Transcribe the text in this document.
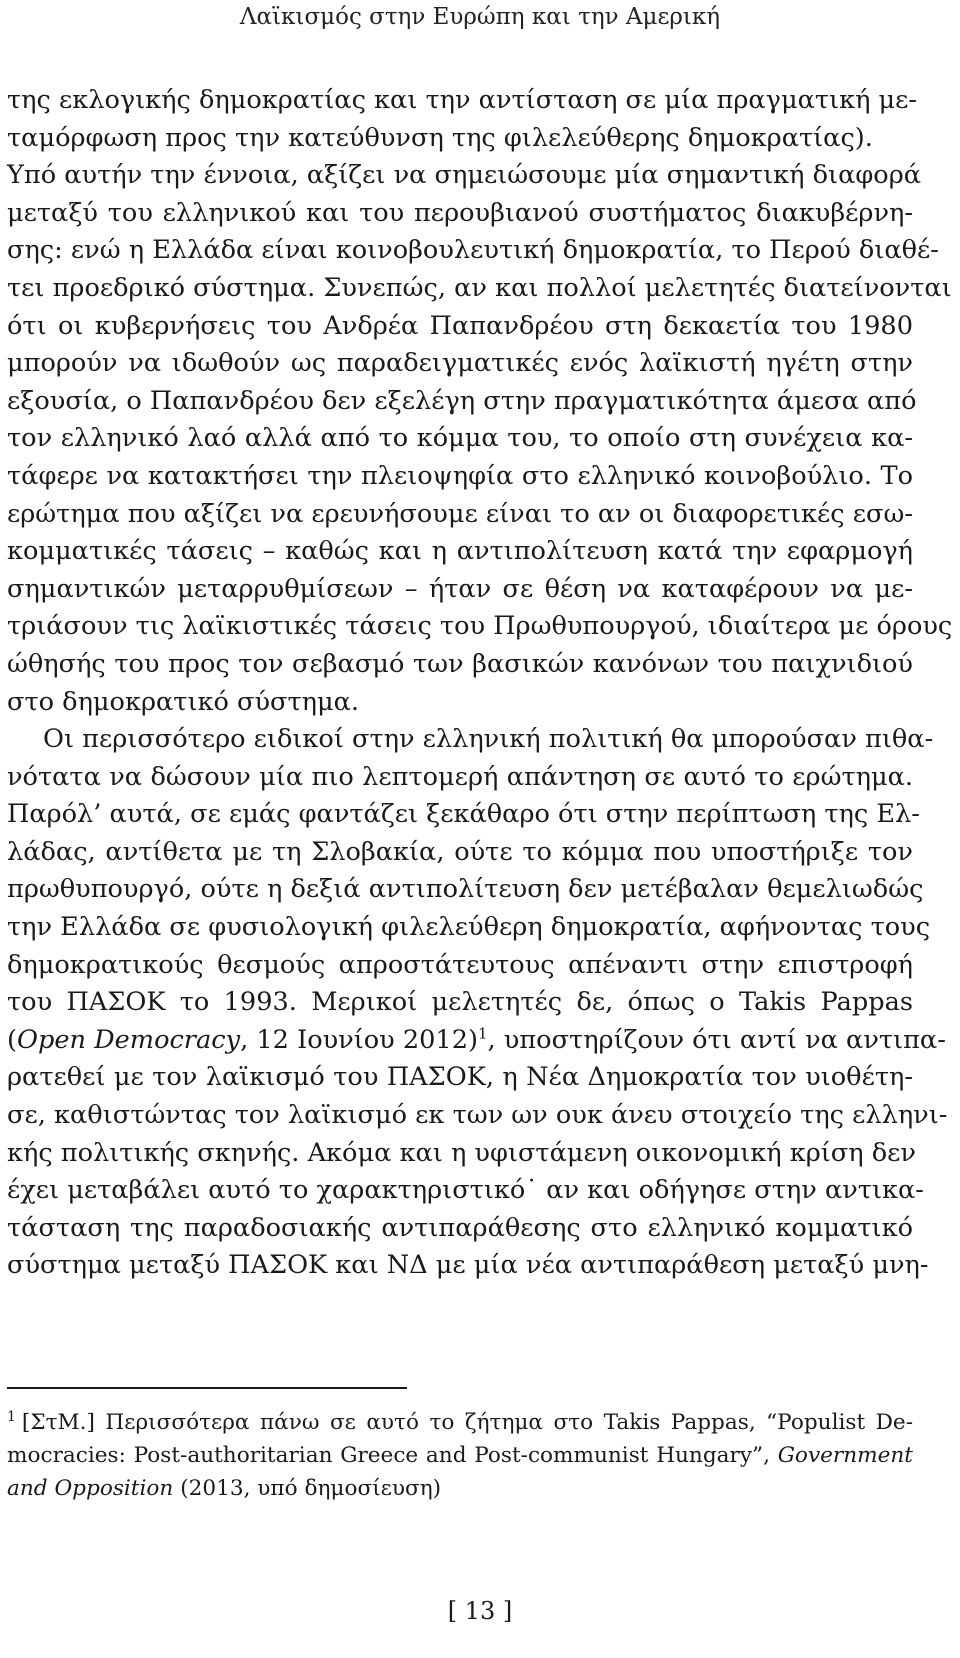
Λαϊκισμός στην Ευρώπη και την Αμερική
της εκλογικής δημοκρατίας και την αντίσταση σε μία πραγματική με-
ταμόρφωση προς την κατεύθυνση της φιλελεύθερης δημοκρατίας).
Υπό αυτήν την έννοια, αξίζει να σημειώσουμε μία σημαντική διαφορά
μεταξύ του ελληνικού και του περουβιανού συστήματος διακυβέρνη-
σης: ενώ η Ελλάδα είναι κοινοβουλευτική δημοκρατία, το Περού διαθέ-
τει προεδρικό σύστημα. Συνεπώς, αν και πολλοί μελετητές διατείνονται
ότι οι κυβερνήσεις του Ανδρέα Παπανδρέου στη δεκαετία του 1980
μπορούν να ιδωθούν ως παραδειγματικές ενός λαϊκιστή ηγέτη στην
εξουσία, ο Παπανδρέου δεν εξελέγη στην πραγματικότητα άμεσα από
τον ελληνικό λαό αλλά από το κόμμα του, το οποίο στη συνέχεια κα-
τάφερε να κατακτήσει την πλειοψηφία στο ελληνικό κοινοβούλιο. Το
ερώτημα που αξίζει να ερευνήσουμε είναι το αν οι διαφορετικές εσω-
κομματικές τάσεις – καθώς και η αντιπολίτευση κατά την εφαρμογή
σημαντικών μεταρρυθμίσεων – ήταν σε θέση να καταφέρουν να με-
τριάσουν τις λαϊκιστικές τάσεις του Πρωθυπουργού, ιδιαίτερα με όρους
ώθησής του προς τον σεβασμό των βασικών κανόνων του παιχνιδιού
στο δημοκρατικό σύστημα.
Οι περισσότερο ειδικοί στην ελληνική πολιτική θα μπορούσαν πιθα-
νότατα να δώσουν μία πιο λεπτομερή απάντηση σε αυτό το ερώτημα.
Παρόλ’ αυτά, σε εμάς φαντάζει ξεκάθαρο ότι στην περίπτωση της Ελ-
λάδας, αντίθετα με τη Σλοβακία, ούτε το κόμμα που υποστήριξε τον
πρωθυπουργό, ούτε η δεξιά αντιπολίτευση δεν μετέβαλαν θεμελιωδώς
την Ελλάδα σε φυσιολογική φιλελεύθερη δημοκρατία, αφήνοντας τους
δημοκρατικούς θεσμούς απροστάτευτους απέναντι στην επιστροφή
του ΠΑΣΟΚ το 1993. Μερικοί μελετητές δε, όπως ο Takis Pappas
(Open Democracy, 12 Ιουνίου 2012)$^1$, υποστηρίζουν ότι αντί να αντιπα-
ρατεθεί με τον λαϊκισμό του ΠΑΣΟΚ, η Νέα Δημοκρατία τον υιοθέτη-
σε, καθιστώντας τον λαϊκισμό εκ των ων ουκ άνευ στοιχείο της ελληνι-
κής πολιτικής σκηνής. Ακόμα και η υφιστάμενη οικονομική κρίση δεν
έχει μεταβάλει αυτό το χαρακτηριστικό˙ αν και οδήγησε στην αντικα-
τάσταση της παραδοσιακής αντιπαράθεσης στο ελληνικό κομματικό
σύστημα μεταξύ ΠΑΣΟΚ και ΝΔ με μία νέα αντιπαράθεση μεταξύ μνη-
$^1$ [ΣτΜ.] Περισσότερα πάνω σε αυτό το ζήτημα στο Takis Pappas, “Populist De-
mocracies: Post-authoritarian Greece and Post-communist Hungary”, Government
and Opposition (2013, υπό δημοσίευση)
[ 13 ]
